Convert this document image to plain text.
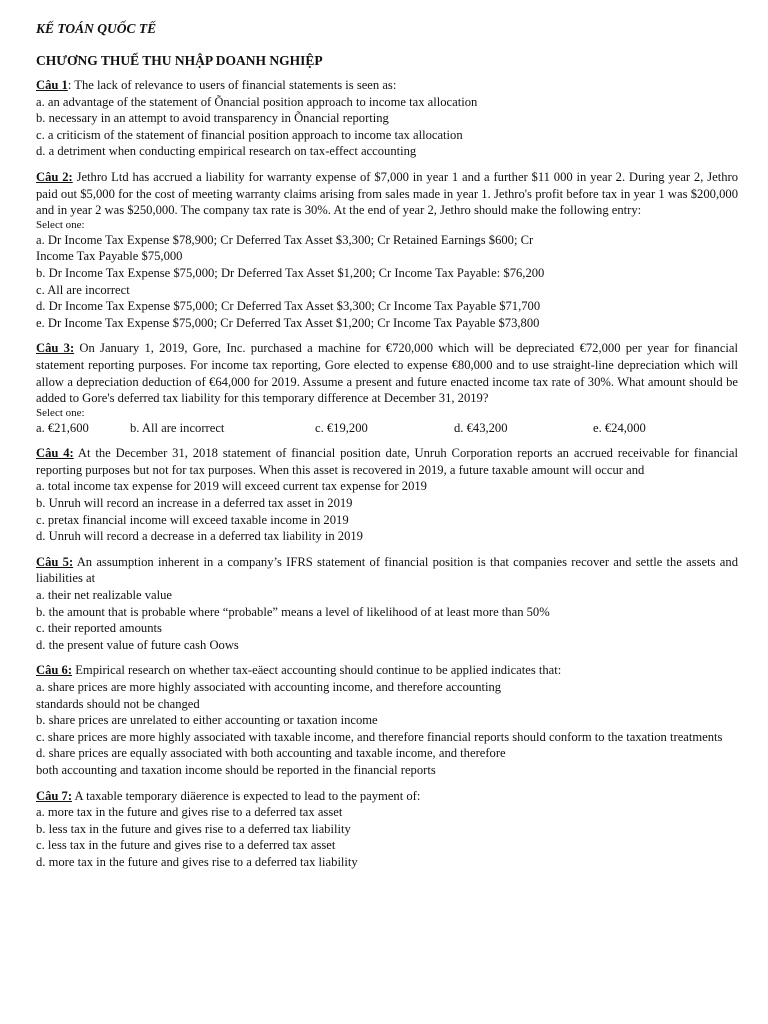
KẾ TOÁN QUỐC TẾ
CHƯƠNG THUẾ THU NHẬP DOANH NGHIỆP

Câu 1: The lack of relevance to users of financial statements is seen as:

a. an advantage of the statement of Õnancial position approach to income tax allocation

b. necessary in an attempt to avoid transparency in Õnancial reporting

c. a criticism of the statement of financial position approach to income tax allocation

d. a detriment when conducting empirical research on tax-effect accounting

Câu 2: Jethro Ltd has accrued a liability for warranty expense of $7,000 in year 1 and a further $11 000 in year 2. During year 2, Jethro paid out $5,000 for the cost of meeting warranty claims arising from sales made in year 1. Jethro's profit before tax in year 1 was $200,000 and in year 2 was $250,000. The company tax rate is 30%. At the end of year 2, Jethro should make the following entry:

Select one:

a. Dr Income Tax Expense $78,900; Cr Deferred Tax Asset $3,300; Cr Retained Earnings $600; Cr

Income Tax Payable $75,000

b. Dr Income Tax Expense $75,000; Dr Deferred Tax Asset $1,200; Cr Income Tax Payable: $76,200

c. All are incorrect

d. Dr Income Tax Expense $75,000; Cr Deferred Tax Asset $3,300; Cr Income Tax Payable $71,700

e. Dr Income Tax Expense $75,000; Cr Deferred Tax Asset $1,200; Cr Income Tax Payable $73,800

Câu 3: On January 1, 2019, Gore, Inc. purchased a machine for €720,000 which will be depreciated €72,000 per year for financial statement reporting purposes. For income tax reporting, Gore elected to expense €80,000 and to use straight-line depreciation which will allow a depreciation deduction of €64,000 for 2019. Assume a present and future enacted income tax rate of 30%. What amount should be added to Gore's deferred tax liability for this temporary difference at December 31, 2019?

Select one:
a. €21,600	b. All are incorrect	c. €19,200	d. €43,200	e. €24,000

Câu 4: At the December 31, 2018 statement of financial position date, Unruh Corporation reports an accrued receivable for financial reporting purposes but not for tax purposes. When this asset is recovered in 2019, a future taxable amount will occur and

a. total income tax expense for 2019 will exceed current tax expense for 2019

b. Unruh will record an increase in a deferred tax asset in 2019

c. pretax financial income will exceed taxable income in 2019

d. Unruh will record a decrease in a deferred tax liability in 2019

Câu 5: An assumption inherent in a company’s IFRS statement of financial position is that companies recover and settle the assets and liabilities at

a. their net realizable value

b. the amount that is probable where “probable” means a level of likelihood of at least more than 50%

c. their reported amounts

d. the present value of future cash Oows

Câu 6: Empirical research on whether tax-eäect accounting should continue to be applied indicates that:

a. share prices are more highly associated with accounting income, and therefore accounting

standards should not be changed

b. share prices are unrelated to either accounting or taxation income

c. share prices are more highly associated with taxable income, and therefore financial reports should conform to the taxation treatments

d. share prices are equally associated with both accounting and taxable income, and therefore

both accounting and taxation income should be reported in the financial reports

Câu 7: A taxable temporary diäerence is expected to lead to the payment of:

a. more tax in the future and gives rise to a deferred tax asset

b. less tax in the future and gives rise to a deferred tax liability

c. less tax in the future and gives rise to a deferred tax asset

d. more tax in the future and gives rise to a deferred tax liability
